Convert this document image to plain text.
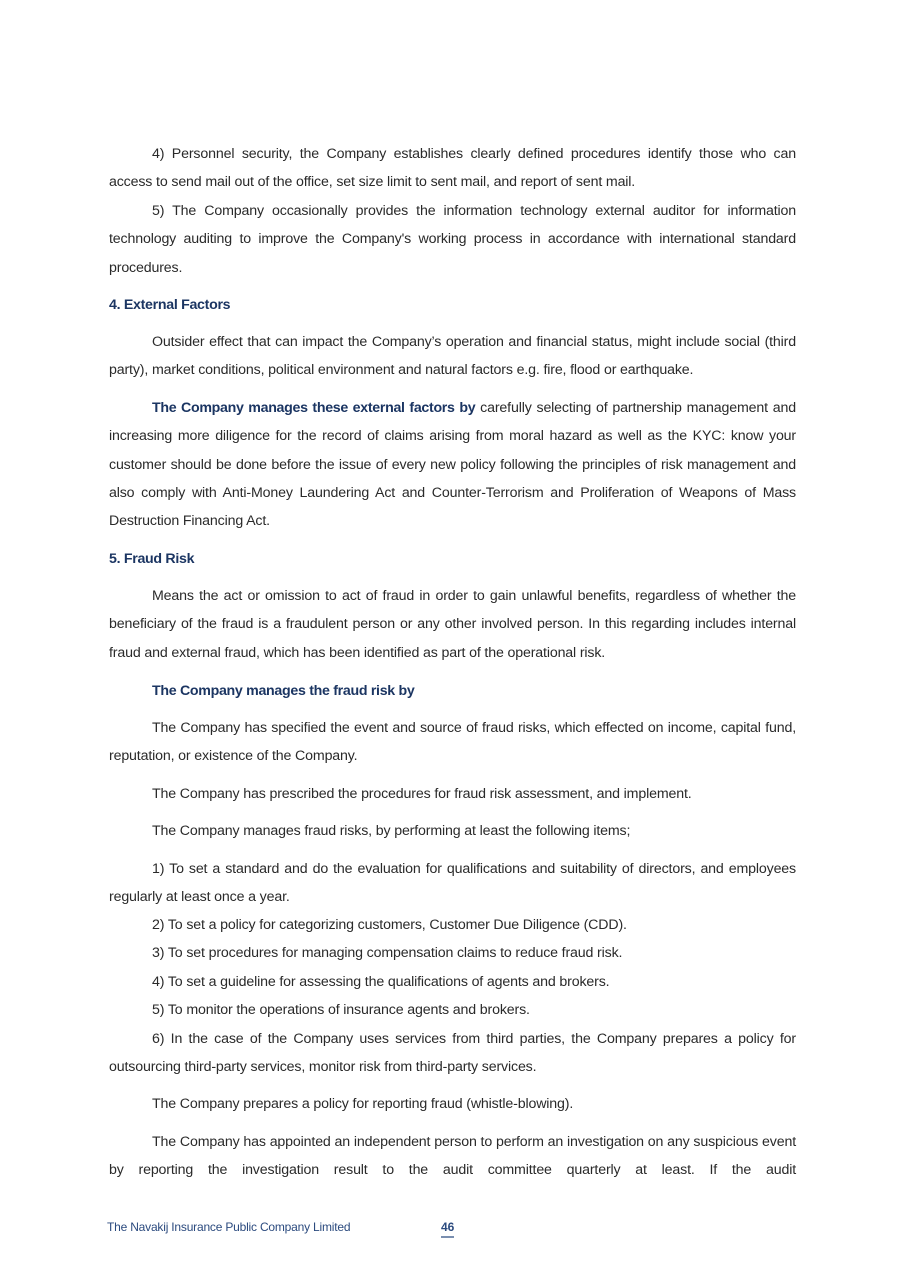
4) Personnel security, the Company establishes clearly defined procedures identify those who can access to send mail out of the office, set size limit to sent mail, and report of sent mail.
5) The Company occasionally provides the information technology external auditor for information technology auditing to improve the Company's working process in accordance with international standard procedures.
4. External Factors
Outsider effect that can impact the Company’s operation and financial status, might include social (third party), market conditions, political environment and natural factors e.g. fire, flood or earthquake.
The Company manages these external factors by carefully selecting of partnership management and increasing more diligence for the record of claims arising from moral hazard as well as the KYC: know your customer should be done before the issue of every new policy following the principles of risk management and also comply with Anti-Money Laundering Act and Counter-Terrorism and Proliferation of Weapons of Mass Destruction Financing Act.
5. Fraud Risk
Means the act or omission to act of fraud in order to gain unlawful benefits, regardless of whether the beneficiary of the fraud is a fraudulent person or any other involved person. In this regarding includes internal fraud and external fraud, which has been identified as part of the operational risk.
The Company manages the fraud risk by
The Company has specified the event and source of fraud risks, which effected on income, capital fund, reputation, or existence of the Company.
The Company has prescribed the procedures for fraud risk assessment, and implement.
The Company manages fraud risks, by performing at least the following items;
1) To set a standard and do the evaluation for qualifications and suitability of directors, and employees regularly at least once a year.
2) To set a policy for categorizing customers, Customer Due Diligence (CDD).
3) To set procedures for managing compensation claims to reduce fraud risk.
4) To set a guideline for assessing the qualifications of agents and brokers.
5) To monitor the operations of insurance agents and brokers.
6) In the case of the Company uses services from third parties, the Company prepares a policy for outsourcing third-party services, monitor risk from third-party services.
The Company prepares a policy for reporting fraud (whistle-blowing).
The Company has appointed an independent person to perform an investigation on any suspicious event by reporting the investigation result to the audit committee quarterly at least. If the audit
The Navakij Insurance Public Company Limited	46
